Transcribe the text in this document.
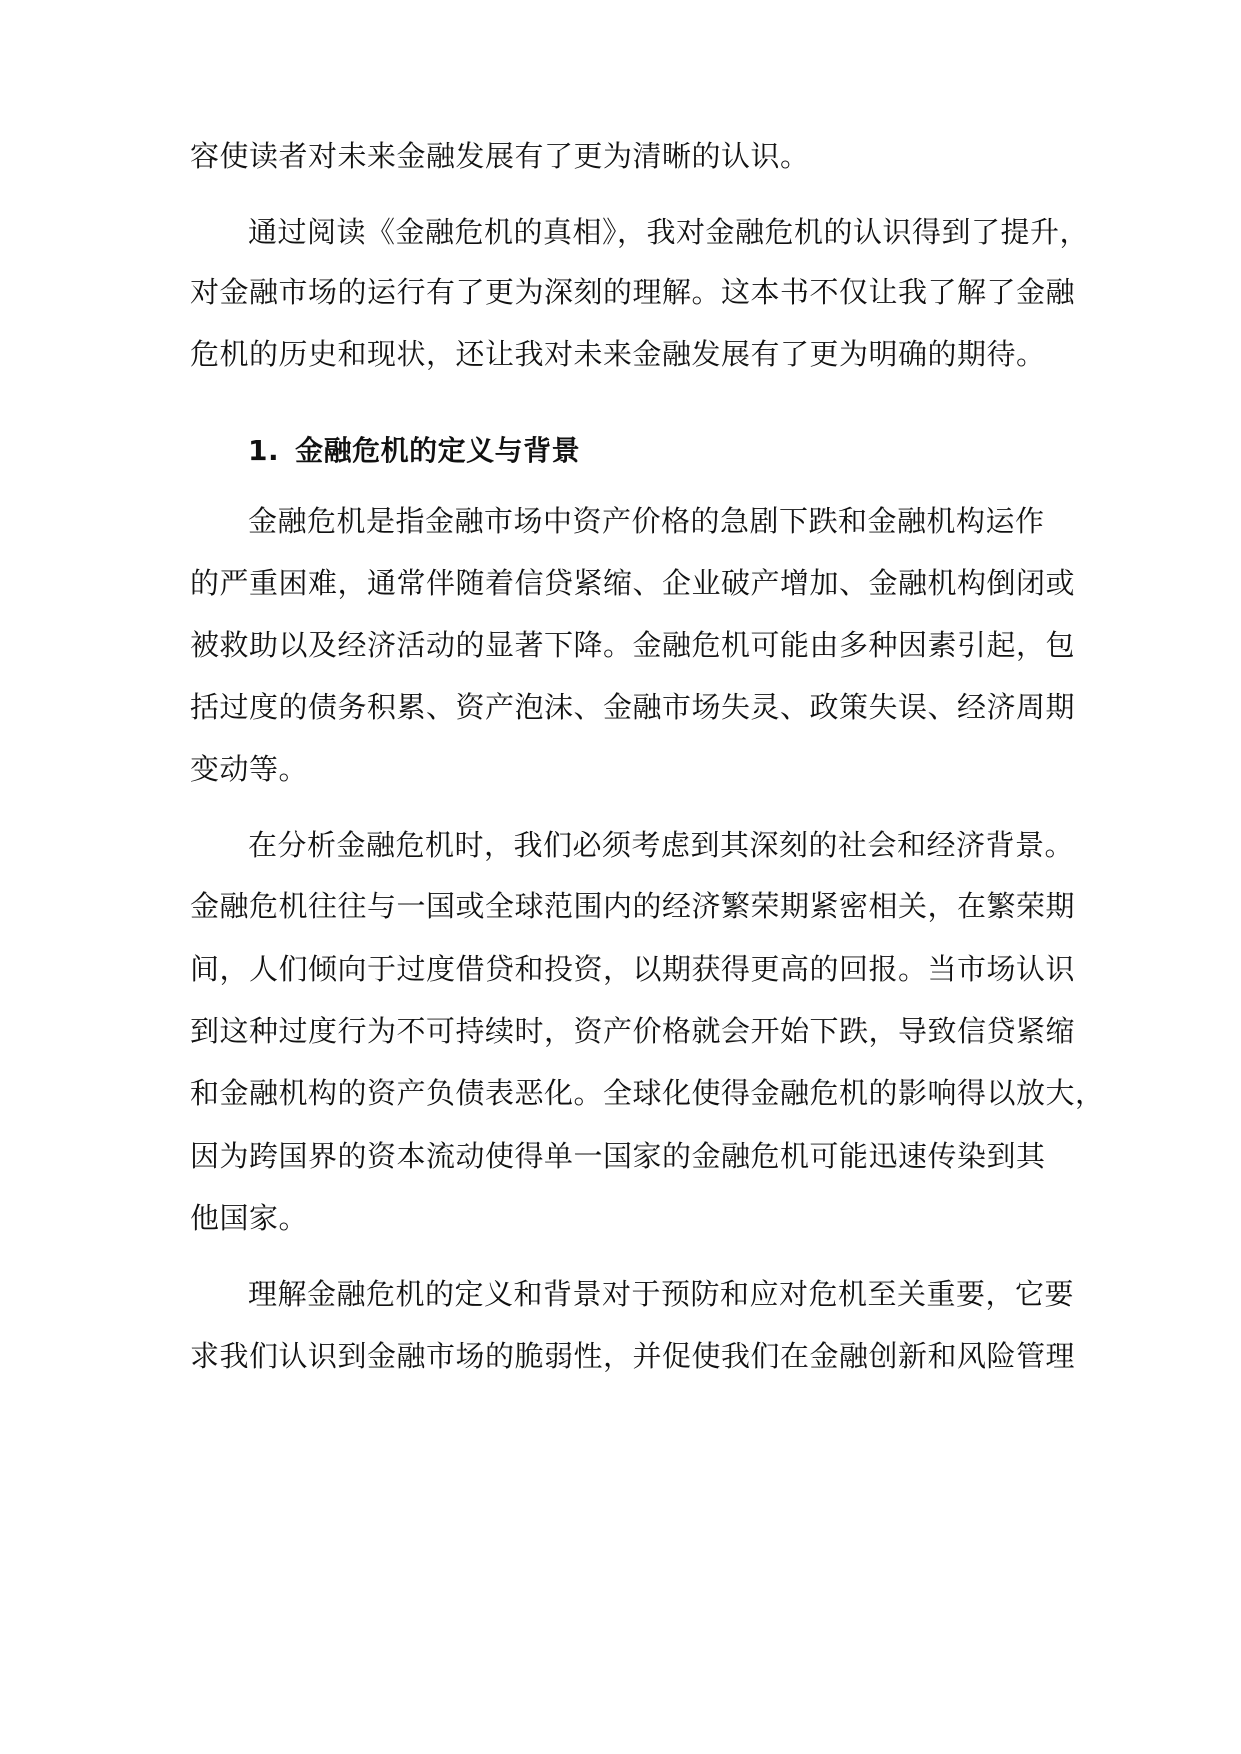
容使读者对未来金融发展有了更为清晰的认识。

通过阅读《金融危机的真相》，我对金融危机的认识得到了提升，

对金融市场的运行有了更为深刻的理解。这本书不仅让我了解了金融

危机的历史和现状，还让我对未来金融发展有了更为明确的期待。

1. 金融危机的定义与背景

金融危机是指金融市场中资产价格的急剧下跌和金融机构运作

的严重困难，通常伴随着信贷紧缩、企业破产增加、金融机构倒闭或

被救助以及经济活动的显著下降。金融危机可能由多种因素引起，包

括过度的债务积累、资产泡沫、金融市场失灵、政策失误、经济周期

变动等。

在分析金融危机时，我们必须考虑到其深刻的社会和经济背景。

金融危机往往与一国或全球范围内的经济繁荣期紧密相关，在繁荣期

间，人们倾向于过度借贷和投资，以期获得更高的回报。当市场认识

到这种过度行为不可持续时，资产价格就会开始下跌，导致信贷紧缩

和金融机构的资产负债表恶化。全球化使得金融危机的影响得以放大，

因为跨国界的资本流动使得单一国家的金融危机可能迅速传染到其

他国家。

理解金融危机的定义和背景对于预防和应对危机至关重要，它要

求我们认识到金融市场的脆弱性，并促使我们在金融创新和风险管理
